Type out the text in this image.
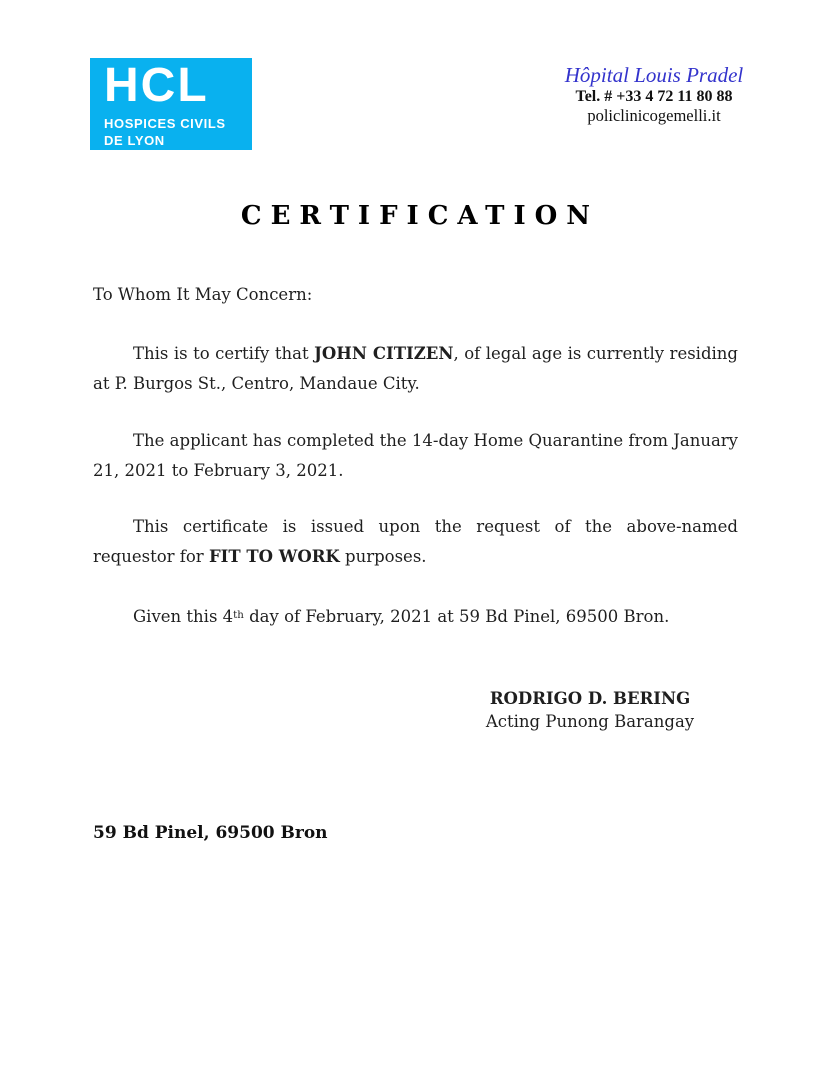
HCL
HOSPICES CIVILS
DE LYON
Hôpital Louis Pradel
Tel. # +33 4 72 11 80 88
policlinicogemelli.it
CERTIFICATION

To Whom It May Concern:

This is to certify that JOHN CITIZEN, of legal age is currently residing at P. Burgos St., Centro, Mandaue City.

The applicant has completed the 14-day Home Quarantine from January 21, 2021 to February 3, 2021.

This certificate is issued upon the request of the above-named requestor for FIT TO WORK purposes.

Given this 4th day of February, 2021 at 59 Bd Pinel, 69500 Bron.

RODRIGO D. BERING
Acting Punong Barangay
59 Bd Pinel, 69500 Bron
